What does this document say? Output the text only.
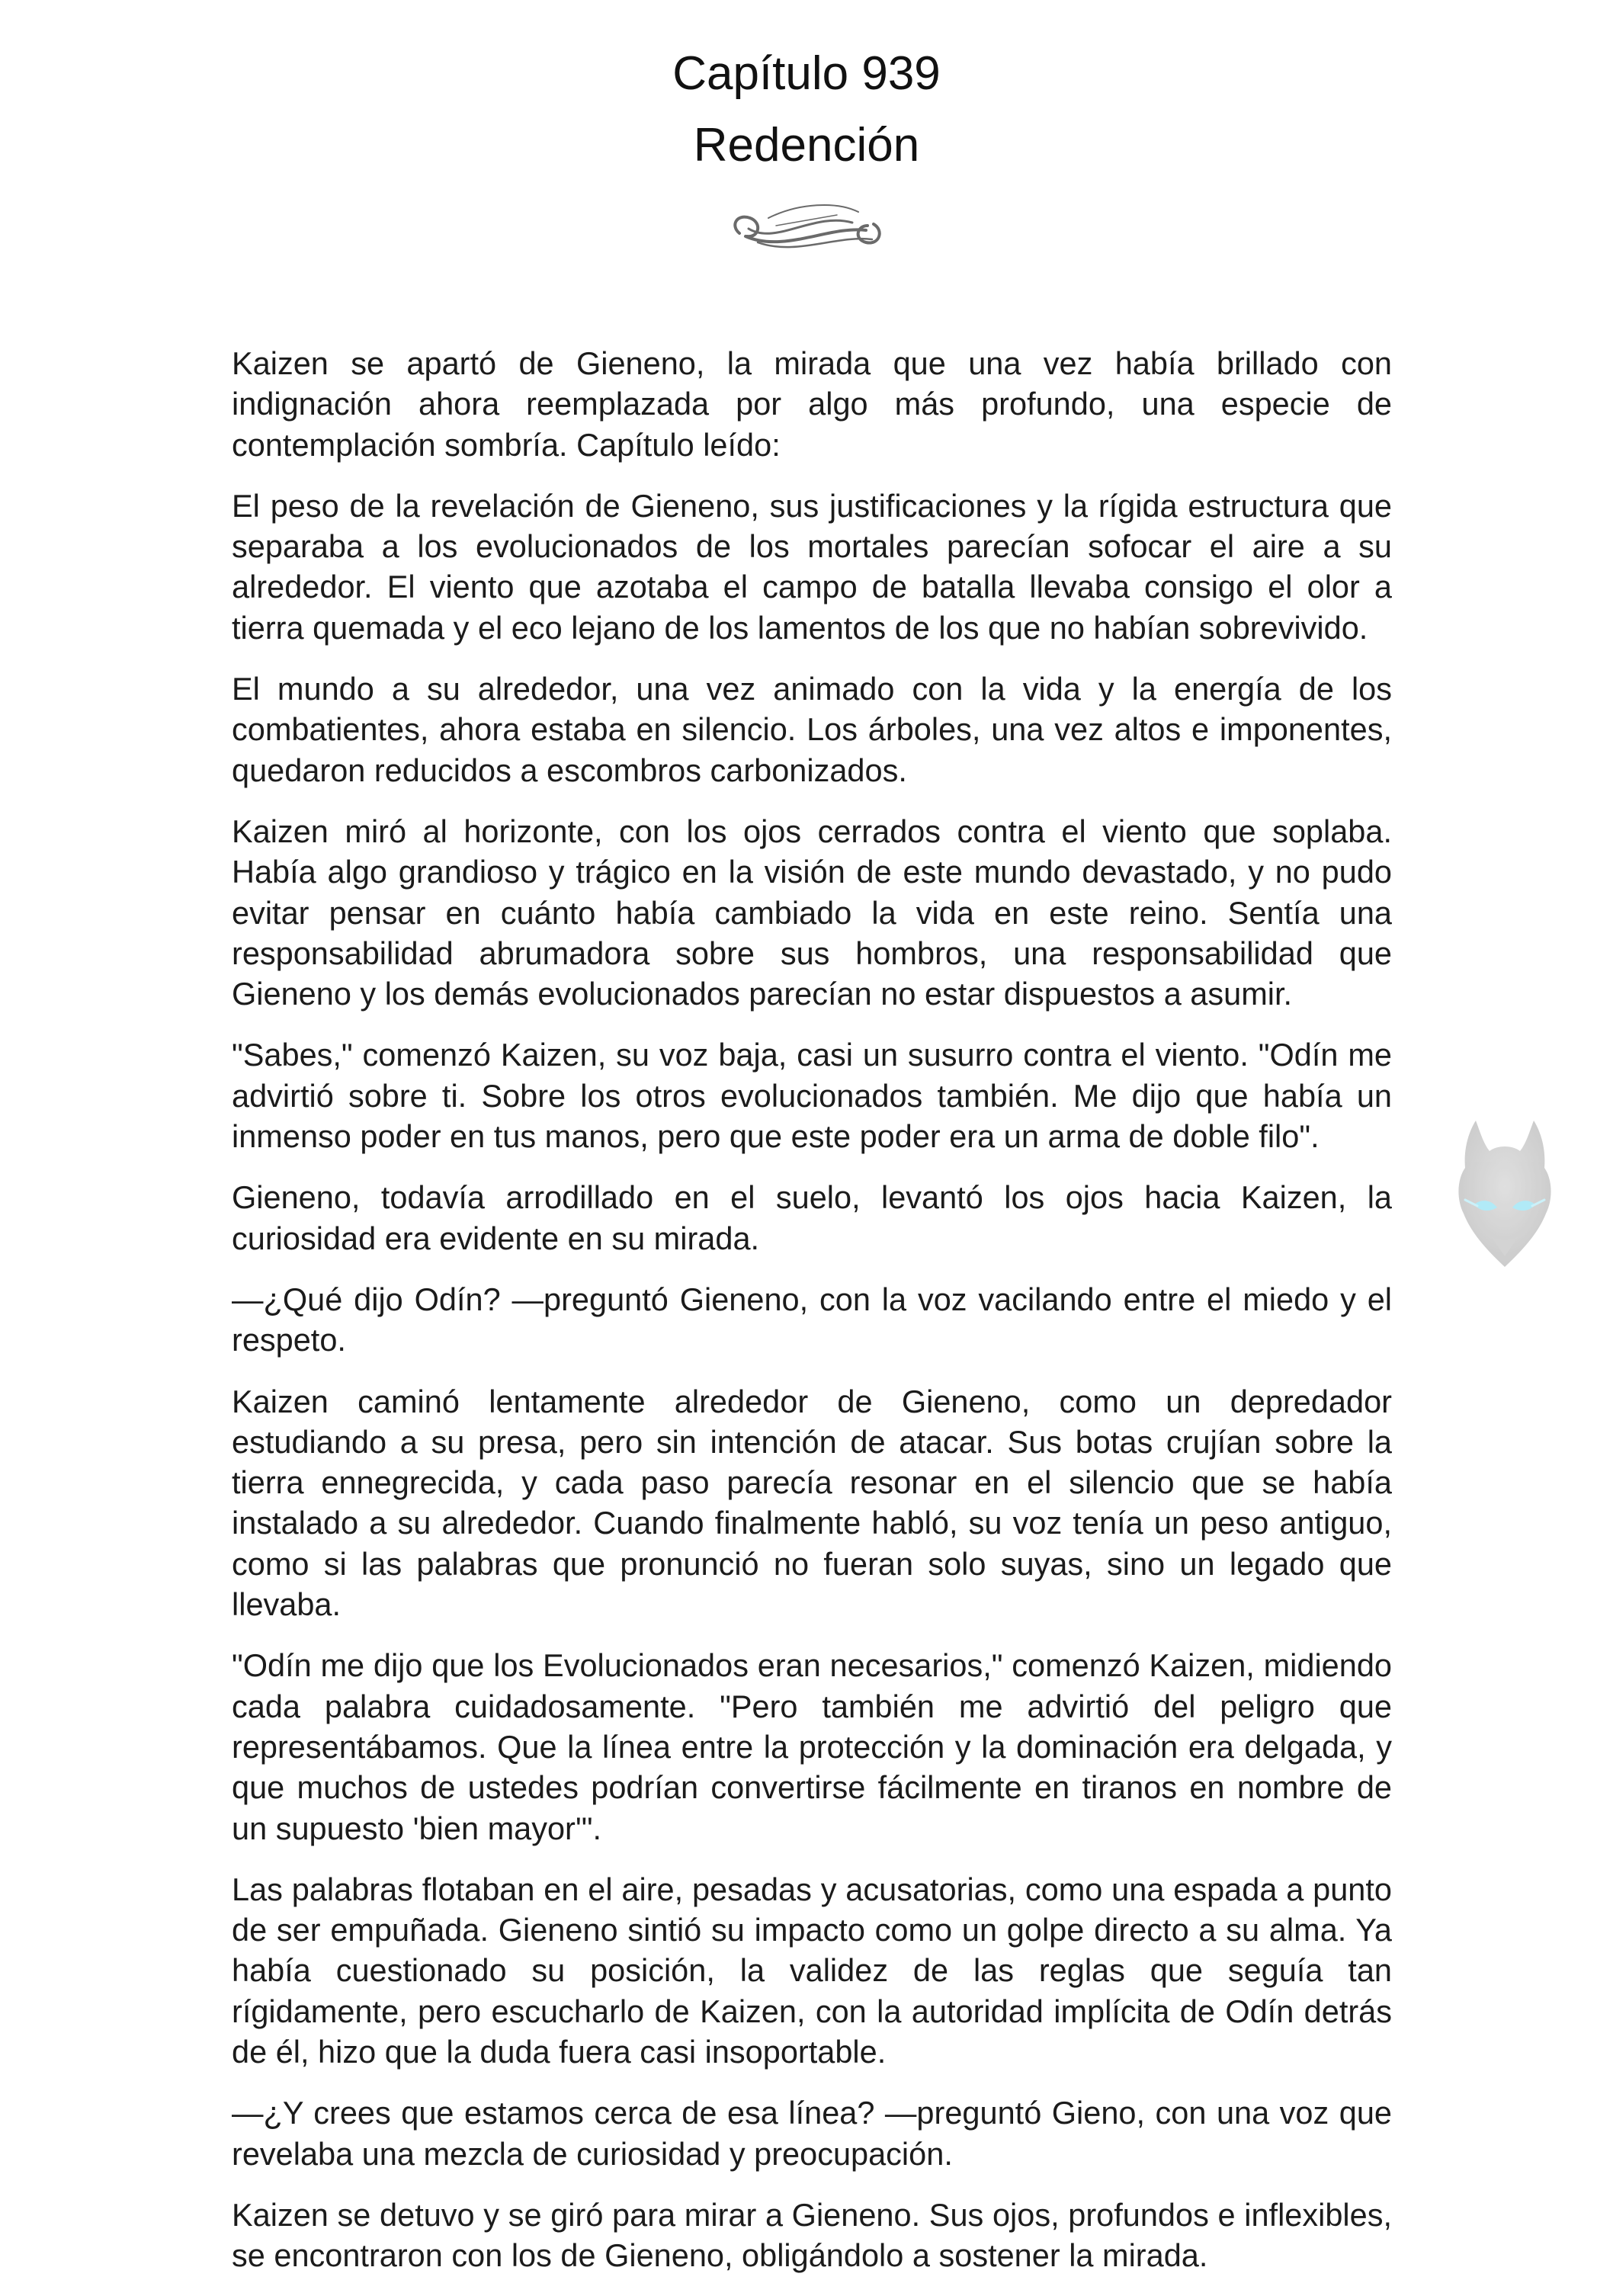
Capítulo 939
Redención

Kaizen se apartó de Gieneno, la mirada que una vez había brillado con indignación ahora reemplazada por algo más profundo, una especie de contemplación sombría. Capítulo leído:

El peso de la revelación de Gieneno, sus justificaciones y la rígida estructura que separaba a los evolucionados de los mortales parecían sofocar el aire a su alrededor. El viento que azotaba el campo de batalla llevaba consigo el olor a tierra quemada y el eco lejano de los lamentos de los que no habían sobrevivido.

El mundo a su alrededor, una vez animado con la vida y la energía de los combatientes, ahora estaba en silencio. Los árboles, una vez altos e imponentes, quedaron reducidos a escombros carbonizados.

Kaizen miró al horizonte, con los ojos cerrados contra el viento que soplaba. Había algo grandioso y trágico en la visión de este mundo devastado, y no pudo evitar pensar en cuánto había cambiado la vida en este reino. Sentía una responsabilidad abrumadora sobre sus hombros, una responsabilidad que Gieneno y los demás evolucionados parecían no estar dispuestos a asumir.

"Sabes," comenzó Kaizen, su voz baja, casi un susurro contra el viento. "Odín me advirtió sobre ti. Sobre los otros evolucionados también. Me dijo que había un inmenso poder en tus manos, pero que este poder era un arma de doble filo".

Gieneno, todavía arrodillado en el suelo, levantó los ojos hacia Kaizen, la curiosidad era evidente en su mirada.

—¿Qué dijo Odín? —preguntó Gieneno, con la voz vacilando entre el miedo y el respeto.

Kaizen caminó lentamente alrededor de Gieneno, como un depredador estudiando a su presa, pero sin intención de atacar. Sus botas crujían sobre la tierra ennegrecida, y cada paso parecía resonar en el silencio que se había instalado a su alrededor. Cuando finalmente habló, su voz tenía un peso antiguo, como si las palabras que pronunció no fueran solo suyas, sino un legado que llevaba.

"Odín me dijo que los Evolucionados eran necesarios," comenzó Kaizen, midiendo cada palabra cuidadosamente. "Pero también me advirtió del peligro que representábamos. Que la línea entre la protección y la dominación era delgada, y que muchos de ustedes podrían convertirse fácilmente en tiranos en nombre de un supuesto 'bien mayor'".

Las palabras flotaban en el aire, pesadas y acusatorias, como una espada a punto de ser empuñada. Gieneno sintió su impacto como un golpe directo a su alma. Ya había cuestionado su posición, la validez de las reglas que seguía tan rígidamente, pero escucharlo de Kaizen, con la autoridad implícita de Odín detrás de él, hizo que la duda fuera casi insoportable.

—¿Y crees que estamos cerca de esa línea? —preguntó Gieno, con una voz que revelaba una mezcla de curiosidad y preocupación.

Kaizen se detuvo y se giró para mirar a Gieneno. Sus ojos, profundos e inflexibles, se encontraron con los de Gieneno, obligándolo a sostener la mirada.
